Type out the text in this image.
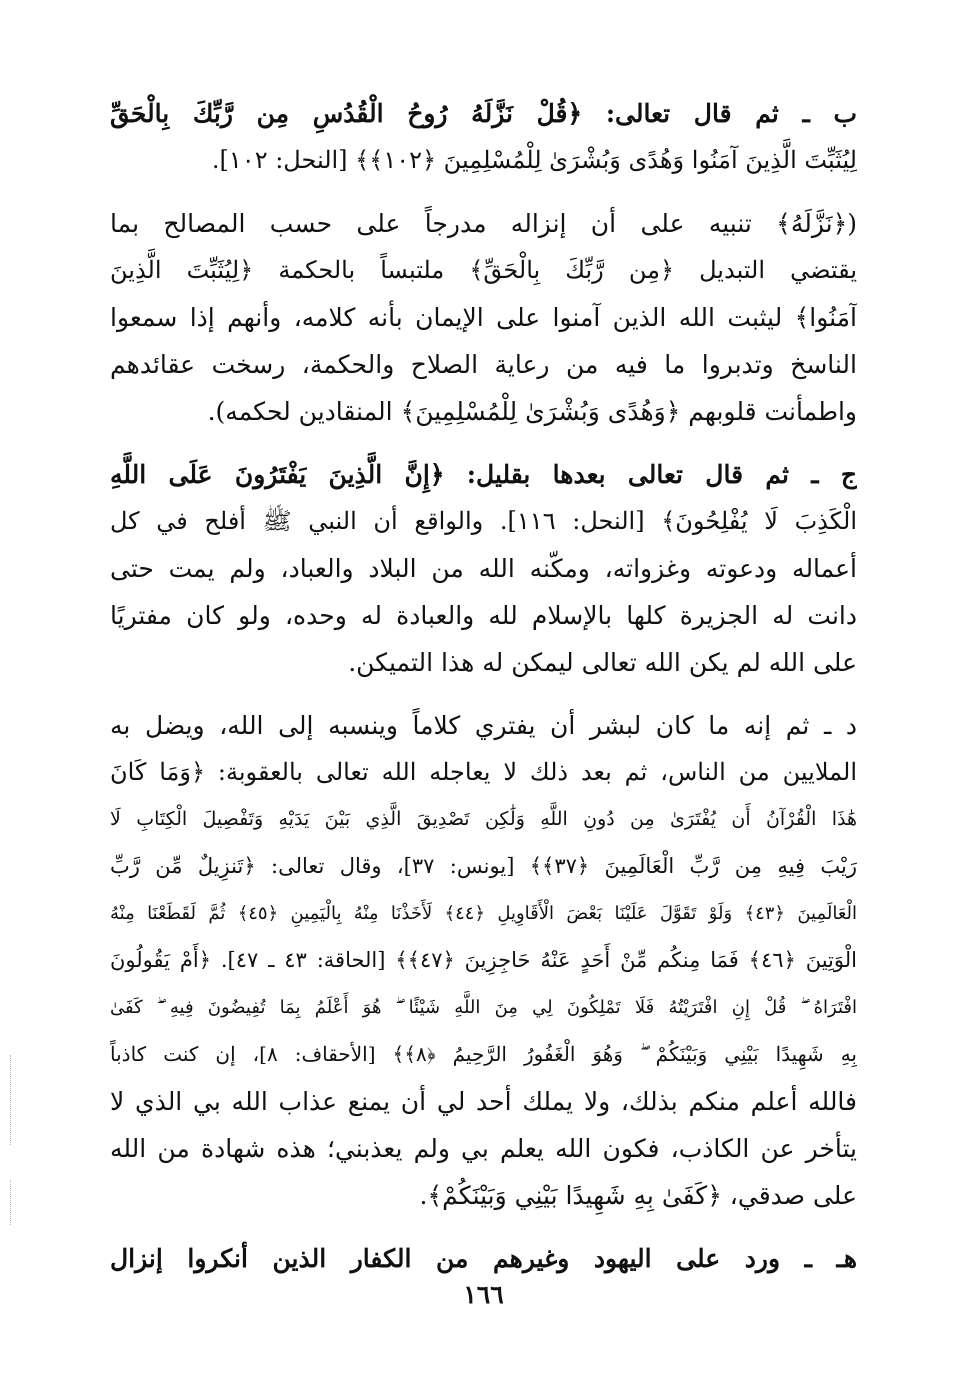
ب ـ ثم قال تعالى: ﴿قُلْ نَزَّلَهُ رُوحُ الْقُدُسِ مِن رَّبِّكَ بِالْحَقِّ
لِيُثَبِّتَ الَّذِينَ آمَنُوا وَهُدًى وَبُشْرَىٰ لِلْمُسْلِمِينَ ﴿١٠٢﴾﴾ [النحل: ١٠٢].
(﴿نَزَّلَهُ﴾ تنبيه على أن إنزاله مدرجاً على حسب المصالح بما
يقتضي التبديل ﴿مِن رَّبِّكَ بِالْحَقِّ﴾ ملتبساً بالحكمة ﴿لِيُثَبِّتَ الَّذِينَ
آمَنُوا﴾ ليثبت الله الذين آمنوا على الإيمان بأنه كلامه، وأنهم إذا سمعوا
الناسخ وتدبروا ما فيه من رعاية الصلاح والحكمة، رسخت عقائدهم
واطمأنت قلوبهم ﴿وَهُدًى وَبُشْرَىٰ لِلْمُسْلِمِينَ﴾ المنقادين لحكمه).
ج ـ ثم قال تعالى بعدها بقليل: ﴿إِنَّ الَّذِينَ يَفْتَرُونَ عَلَى اللَّهِ
الْكَذِبَ لَا يُفْلِحُونَ﴾ [النحل: ١١٦]. والواقع أن النبي ﷺ أفلح في كل
أعماله ودعوته وغزواته، ومكّنه الله من البلاد والعباد، ولم يمت حتى
دانت له الجزيرة كلها بالإسلام لله والعبادة له وحده، ولو كان مفتريًا
على الله لم يكن الله تعالى ليمكن له هذا التميكن.
د ـ ثم إنه ما كان لبشر أن يفتري كلاماً وينسبه إلى الله، ويضل به
الملايين من الناس، ثم بعد ذلك لا يعاجله الله تعالى بالعقوبة: ﴿وَمَا كَانَ
هَٰذَا الْقُرْآنُ أَن يُفْتَرَىٰ مِن دُونِ اللَّهِ وَلَٰكِن تَصْدِيقَ الَّذِي بَيْنَ يَدَيْهِ وَتَفْصِيلَ الْكِتَابِ لَا
رَيْبَ فِيهِ مِن رَّبِّ الْعَالَمِينَ ﴿٣٧﴾﴾ [يونس: ٣٧]، وقال تعالى: ﴿تَنزِيلٌ مِّن رَّبِّ
الْعَالَمِينَ ﴿٤٣﴾ وَلَوْ تَقَوَّلَ عَلَيْنَا بَعْضَ الْأَقَاوِيلِ ﴿٤٤﴾ لَأَخَذْنَا مِنْهُ بِالْيَمِينِ ﴿٤٥﴾ ثُمَّ لَقَطَعْنَا مِنْهُ
الْوَتِينَ ﴿٤٦﴾ فَمَا مِنكُم مِّنْ أَحَدٍ عَنْهُ حَاجِزِينَ ﴿٤٧﴾﴾ [الحاقة: ٤٣ ـ ٤٧]. ﴿أَمْ يَقُولُونَ
افْتَرَاهُ ۖ قُلْ إِنِ افْتَرَيْتُهُ فَلَا تَمْلِكُونَ لِي مِنَ اللَّهِ شَيْئًا ۖ هُوَ أَعْلَمُ بِمَا تُفِيضُونَ فِيهِ ۖ كَفَىٰ
بِهِ شَهِيدًا بَيْنِي وَبَيْنَكُمْ ۖ وَهُوَ الْغَفُورُ الرَّحِيمُ ﴿٨﴾﴾ [الأحقاف: ٨]، إن كنت كاذباً
فالله أعلم منكم بذلك، ولا يملك أحد لي أن يمنع عذاب الله بي الذي لا
يتأخر عن الكاذب، فكون الله يعلم بي ولم يعذبني؛ هذه شهادة من الله
على صدقي، ﴿كَفَىٰ بِهِ شَهِيدًا بَيْنِي وَبَيْنَكُمْ﴾.
هـ ـ ورد على اليهود وغيرهم من الكفار الذين أنكروا إنزال
١٦٦
